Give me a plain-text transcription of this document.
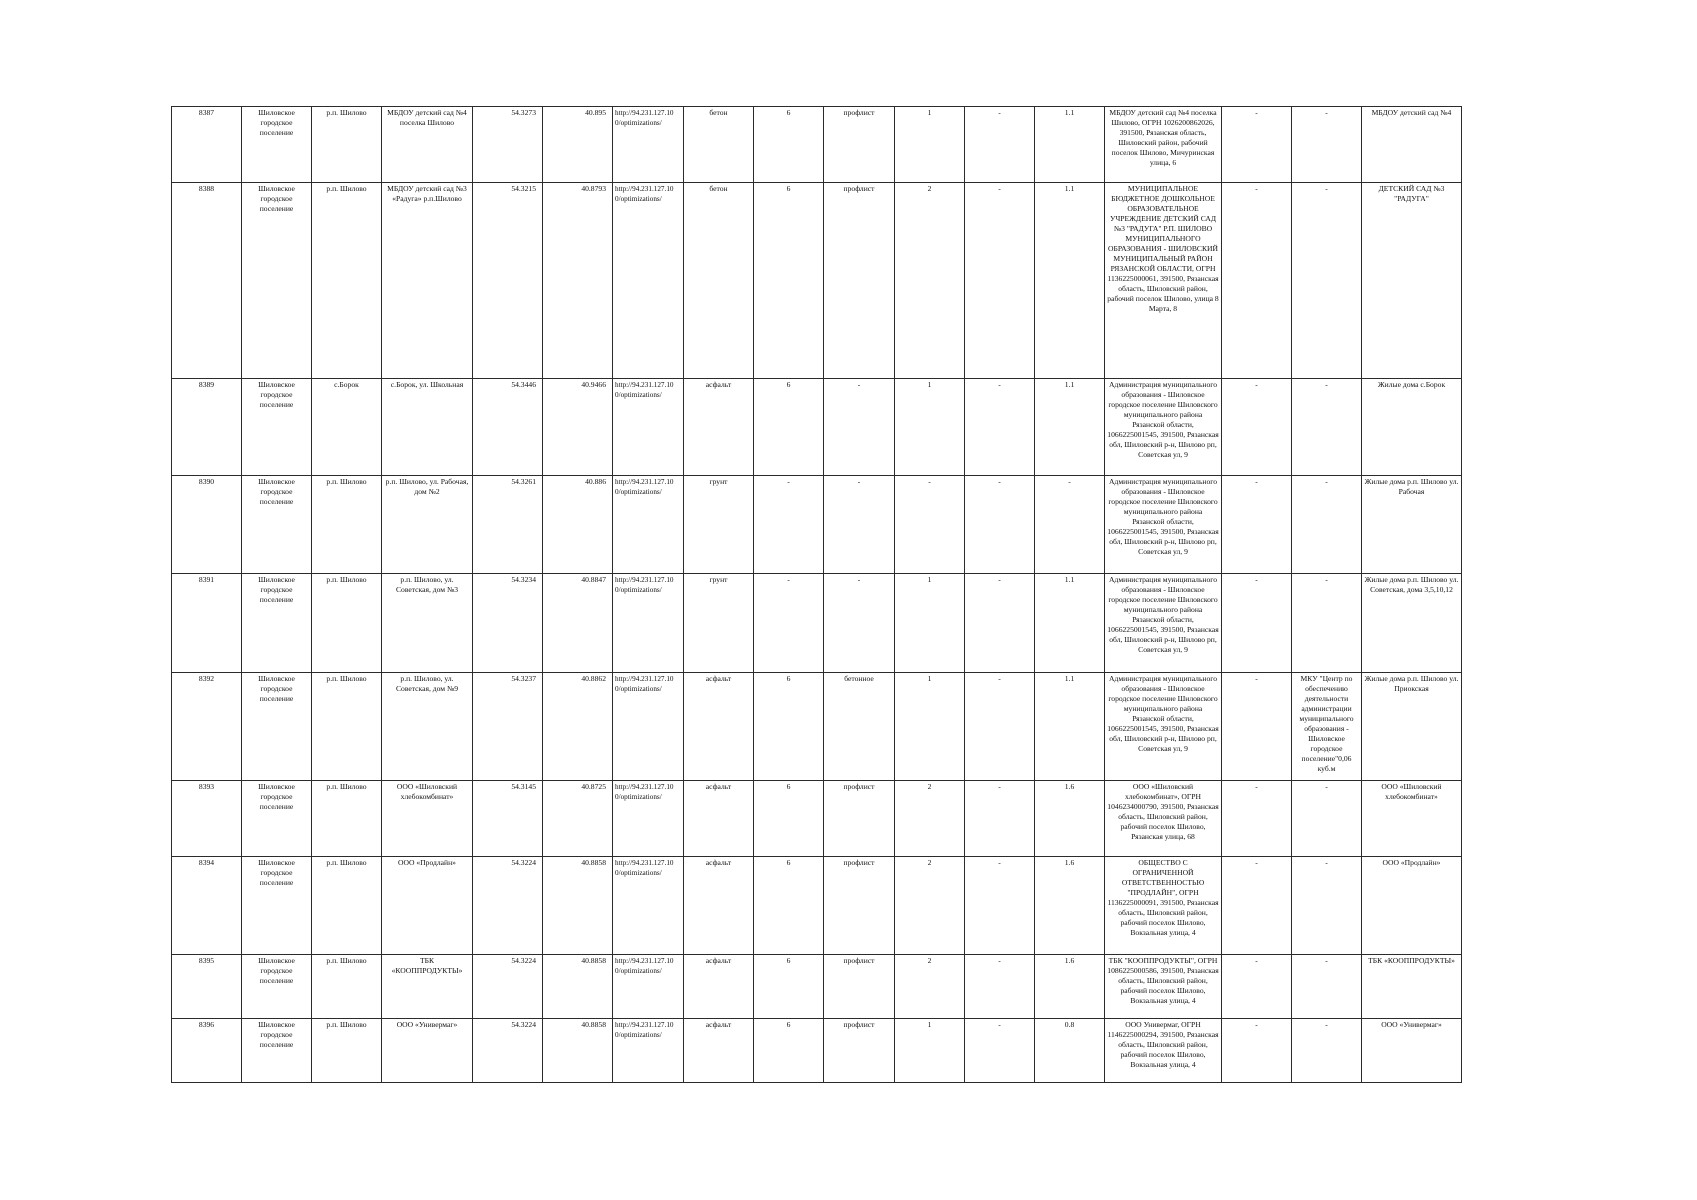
8387	Шиловское городское поселение	р.п. Шилово	МБДОУ детский сад №4 поселка Шилово	54.3273	40.895	http://94.231.127.10 0/optimizations/	бетон	6	профлист	1	-	1.1	МБДОУ детский сад №4 поселка Шилово, ОГРН 1026200862026, 391500, Рязанская область, Шиловский район, рабочий поселок Шилово, Мичуринская улица, 6	-	-	МБДОУ детский сад №4
8388	Шиловское городское поселение	р.п. Шилово	МБДОУ детский сад №3 «Радуга» р.п.Шилово	54.3215	40.8793	http://94.231.127.10 0/optimizations/	бетон	6	профлист	2	-	1.1	МУНИЦИПАЛЬНОЕ БЮДЖЕТНОЕ ДОШКОЛЬНОЕ ОБРАЗОВАТЕЛЬНОЕ УЧРЕЖДЕНИЕ ДЕТСКИЙ САД №3 "РАДУГА" Р.П. ШИЛОВО МУНИЦИПАЛЬНОГО ОБРАЗОВАНИЯ - ШИЛОВСКИЙ МУНИЦИПАЛЬНЫЙ РАЙОН РЯЗАНСКОЙ ОБЛАСТИ, ОГРН 1136225000061, 391500, Рязанская область, Шиловский район, рабочий поселок Шилово, улица 8 Марта, 8	-	-	ДЕТСКИЙ САД №3 "РАДУГА"
8389	Шиловское городское поселение	с.Борок	с.Борок, ул. Школьная	54.3446	40.9466	http://94.231.127.10 0/optimizations/	асфальт	6	-	1	-	1.1	Администрация муниципального образования - Шиловское городское поселение Шиловского муниципального района Рязанской области, 1066225001545, 391500, Рязанская обл, Шиловский р-н, Шилово рп, Советская ул, 9	-	-	Жилые дома с.Борок
8390	Шиловское городское поселение	р.п. Шилово	р.п. Шилово, ул. Рабочая, дом №2	54.3261	40.886	http://94.231.127.10 0/optimizations/	грунт	-	-	-	-	-	Администрация муниципального образования - Шиловское городское поселение Шиловского муниципального района Рязанской области, 1066225001545, 391500, Рязанская обл, Шиловский р-н, Шилово рп, Советская ул, 9	-	-	Жилые дома р.п. Шилово ул. Рабочая
8391	Шиловское городское поселение	р.п. Шилово	р.п. Шилово, ул. Советская, дом №3	54.3234	40.8847	http://94.231.127.10 0/optimizations/	грунт	-	-	1	-	1.1	Администрация муниципального образования - Шиловское городское поселение Шиловского муниципального района Рязанской области, 1066225001545, 391500, Рязанская обл, Шиловский р-н, Шилово рп, Советская ул, 9	-	-	Жилые дома р.п. Шилово ул. Советская, дома 3,5,10,12
8392	Шиловское городское поселение	р.п. Шилово	р.п. Шилово, ул. Советская, дом №9	54.3237	40.8862	http://94.231.127.10 0/optimizations/	асфальт	6	бетонное	1	-	1.1	Администрация муниципального образования - Шиловское городское поселение Шиловского муниципального района Рязанской области, 1066225001545, 391500, Рязанская обл, Шиловский р-н, Шилово рп, Советская ул, 9	-	МКУ "Центр по обеспечению деятельности администрации муниципального образования - Шиловское городское поселение"0,06 куб.м	Жилые дома р.п. Шилово ул. Приокская
8393	Шиловское городское поселение	р.п. Шилово	ООО «Шиловский хлебокомбинат»	54.3145	40.8725	http://94.231.127.10 0/optimizations/	асфальт	6	профлист	2	-	1.6	ООО «Шиловский хлебокомбинат», ОГРН 1046234000790, 391500, Рязанская область, Шиловский район, рабочий поселок Шилово, Рязанская улица, 68	-	-	ООО «Шиловский хлебокомбинат»
8394	Шиловское городское поселение	р.п. Шилово	ООО «Продлайн»	54.3224	40.8858	http://94.231.127.10 0/optimizations/	асфальт	6	профлист	2	-	1.6	ОБЩЕСТВО С ОГРАНИЧЕННОЙ ОТВЕТСТВЕННОСТЬЮ "ПРОДЛАЙН", ОГРН 1136225000091, 391500, Рязанская область, Шиловский район, рабочий поселок Шилово, Вокзальная улица, 4	-	-	ООО «Продлайн»
8395	Шиловское городское поселение	р.п. Шилово	ТБК «КООППРОДУКТЫ»	54.3224	40.8858	http://94.231.127.10 0/optimizations/	асфальт	6	профлист	2	-	1.6	ТБК "КООППРОДУКТЫ", ОГРН 1086225000586, 391500, Рязанская область, Шиловский район, рабочий поселок Шилово, Вокзальная улица, 4	-	-	ТБК «КООППРОДУКТЫ»
8396	Шиловское городское поселение	р.п. Шилово	ООО «Универмаг»	54.3224	40.8858	http://94.231.127.10 0/optimizations/	асфальт	6	профлист	1	-	0.8	ООО Универмаг, ОГРН 1146225000294, 391500, Рязанская область, Шиловский район, рабочий поселок Шилово, Вокзальная улица, 4	-	-	ООО «Универмаг»
